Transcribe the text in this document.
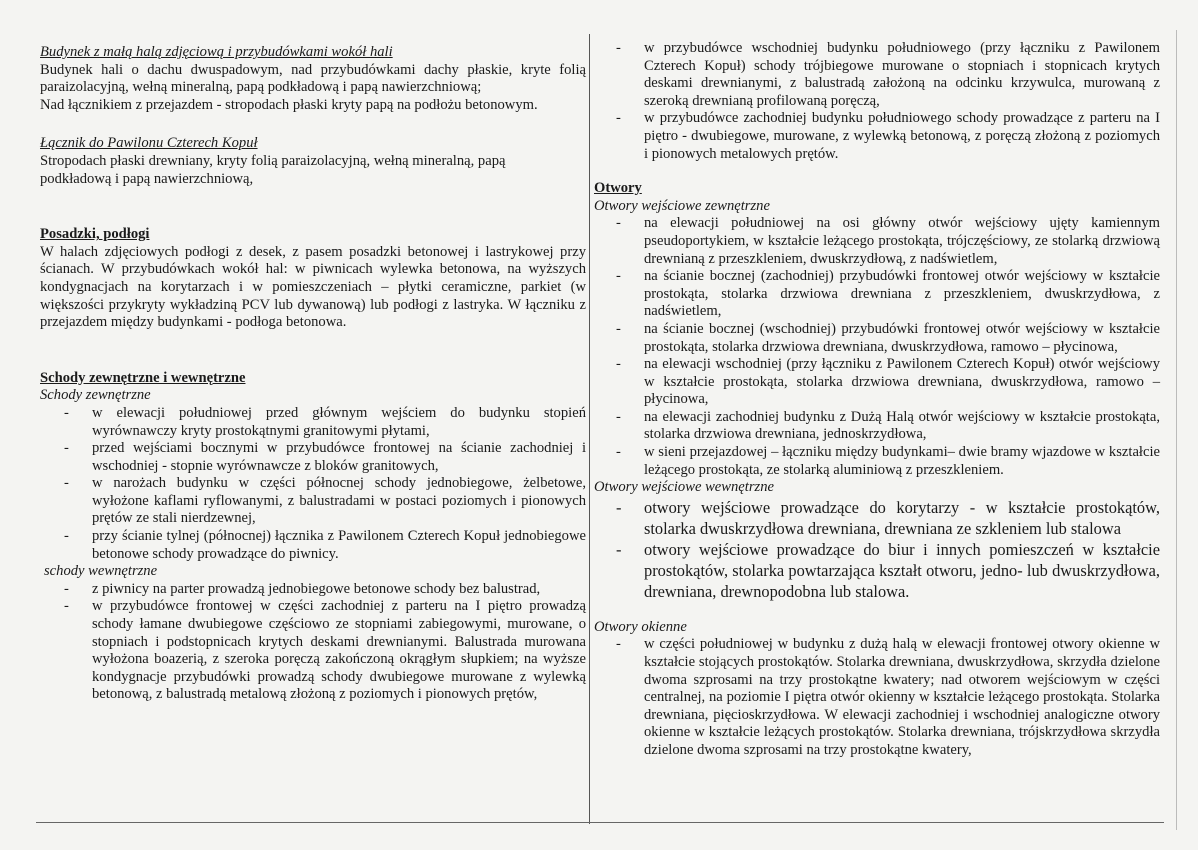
Budynek z małą halą zdjęciową i przybudówkami wokół hali

Budynek hali o dachu dwuspadowym, nad przybudówkami dachy płaskie, kryte folią paraizolacyjną, wełną mineralną, papą podkładową i papą nawierzchniową;

Nad łącznikiem z przejazdem - stropodach płaski kryty papą na podłożu betonowym.

Łącznik do Pawilonu Czterech Kopuł

Stropodach płaski drewniany, kryty folią paraizolacyjną, wełną mineralną, papą podkładową i papą nawierzchniową,

Posadzki, podłogi

W halach zdjęciowych podłogi z desek, z pasem posadzki betonowej i lastrykowej przy ścianach. W przybudówkach wokół hal: w piwnicach wylewka betonowa, na wyższych kondygnacjach na korytarzach i w pomieszczeniach – płytki ceramiczne, parkiet (w większości przykryty wykładziną PCV lub dywanową) lub podłogi z lastryka. W łączniku z przejazdem między budynkami - podłoga betonowa.

Schody zewnętrzne i wewnętrzne

Schody zewnętrzne

- w elewacji południowej przed głównym wejściem do budynku stopień wyrównawczy kryty prostokątnymi granitowymi płytami,
- przed wejściami bocznymi w przybudówce frontowej na ścianie zachodniej i wschodniej - stopnie wyrównawcze z bloków granitowych,
- w narożach budynku w części północnej schody jednobiegowe, żelbetowe, wyłożone kaflami ryflowanymi, z balustradami w postaci poziomych i pionowych prętów ze stali nierdzewnej,
- przy ścianie tylnej (północnej) łącznika z Pawilonem Czterech Kopuł jednobiegowe betonowe schody prowadzące do piwnicy.

schody wewnętrzne

- z piwnicy na parter prowadzą jednobiegowe betonowe schody bez balustrad,
- w przybudówce frontowej w części zachodniej z parteru na I piętro prowadzą schody łamane dwubiegowe częściowo ze stopniami zabiegowymi, murowane, o stopniach i podstopnicach krytych deskami drewnianymi. Balustrada murowana wyłożona boazerią, z szeroka poręczą zakończoną okrągłym słupkiem; na wyższe kondygnacje przybudówki prowadzą schody dwubiegowe murowane z wylewką betonową, z balustradą metalową złożoną z poziomych i pionowych prętów,
- w przybudówce wschodniej budynku południowego (przy łączniku z Pawilonem Czterech Kopuł) schody trójbiegowe murowane o stopniach i stopnicach krytych deskami drewnianymi, z balustradą założoną na odcinku krzywulca, murowaną z szeroką drewnianą profilowaną poręczą,
- w przybudówce zachodniej budynku południowego schody prowadzące z parteru na I piętro - dwubiegowe, murowane, z wylewką betonową, z poręczą złożoną z poziomych i pionowych metalowych prętów.

Otwory

Otwory wejściowe zewnętrzne

- na elewacji południowej na osi główny otwór wejściowy ujęty kamiennym pseudoportykiem, w kształcie leżącego prostokąta, trójczęściowy, ze stolarką drzwiową drewnianą z przeszkleniem, dwuskrzydłową, z nadświetlem,
- na ścianie bocznej (zachodniej) przybudówki frontowej otwór wejściowy w kształcie prostokąta, stolarka drzwiowa drewniana z przeszkleniem, dwuskrzydłowa, z nadświetlem,
- na ścianie bocznej (wschodniej) przybudówki frontowej otwór wejściowy w kształcie prostokąta, stolarka drzwiowa drewniana, dwuskrzydłowa, ramowo – płycinowa,
- na elewacji wschodniej (przy łączniku z Pawilonem Czterech Kopuł) otwór wejściowy w kształcie prostokąta, stolarka drzwiowa drewniana, dwuskrzydłowa, ramowo – płycinowa,
- na elewacji zachodniej budynku z Dużą Halą otwór wejściowy w kształcie prostokąta, stolarka drzwiowa drewniana, jednoskrzydłowa,
- w sieni przejazdowej – łączniku między budynkami– dwie bramy wjazdowe w kształcie leżącego prostokąta, ze stolarką aluminiową z przeszkleniem.

Otwory wejściowe wewnętrzne

- otwory wejściowe prowadzące do korytarzy - w kształcie prostokątów, stolarka dwuskrzydłowa drewniana, drewniana ze szkleniem lub stalowa
- otwory wejściowe prowadzące do biur i innych pomieszczeń w kształcie prostokątów, stolarka powtarzająca kształt otworu, jedno- lub dwuskrzydłowa, drewniana, drewnopodobna lub stalowa.

Otwory okienne

- w części południowej w budynku z dużą halą w elewacji frontowej otwory okienne w kształcie stojących prostokątów. Stolarka drewniana, dwuskrzydłowa, skrzydła dzielone dwoma szprosami na trzy prostokątne kwatery; nad otworem wejściowym w części centralnej, na poziomie I piętra otwór okienny w kształcie leżącego prostokąta. Stolarka drewniana, pięcioskrzydłowa. W elewacji zachodniej i wschodniej analogiczne otwory okienne w kształcie leżących prostokątów. Stolarka drewniana, trójskrzydłowa skrzydła dzielone dwoma szprosami na trzy prostokątne kwatery,
